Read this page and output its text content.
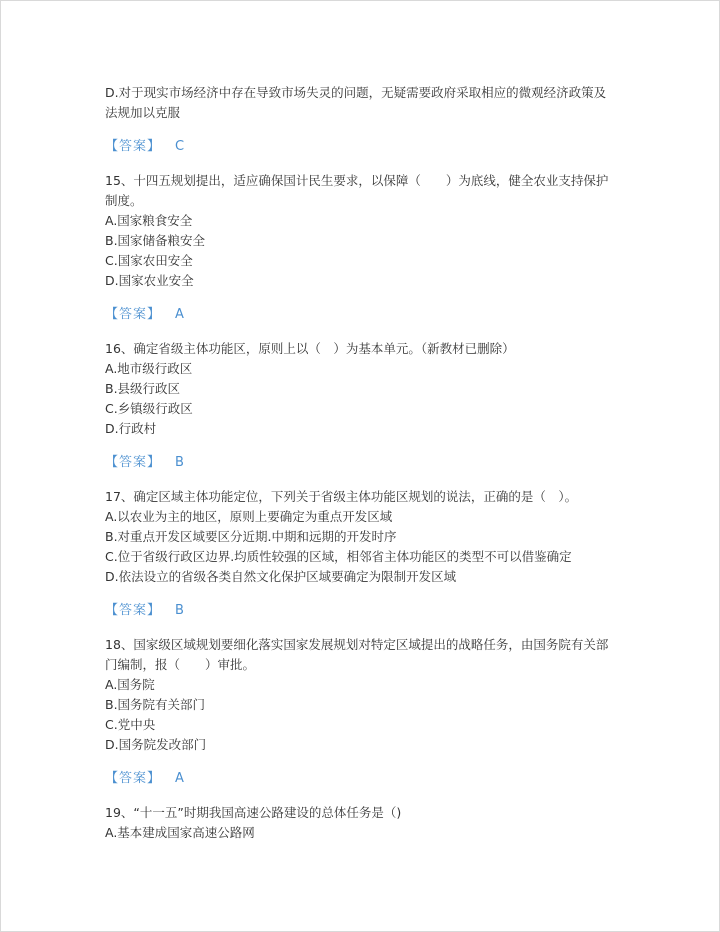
D.对于现实市场经济中存在导致市场失灵的问题，无疑需要政府采取相应的微观经济政策及法规加以克服

【答案】 C

15、十四五规划提出，适应确保国计民生要求，以保障（　　）为底线，健全农业支持保护制度。

A.国家粮食安全

B.国家储备粮安全

C.国家农田安全

D.国家农业安全

【答案】 A

16、确定省级主体功能区，原则上以（　）为基本单元。（新教材已删除）

A.地市级行政区

B.县级行政区

C.乡镇级行政区

D.行政村

【答案】 B

17、确定区域主体功能定位，下列关于省级主体功能区规划的说法，正确的是（　）。

A.以农业为主的地区，原则上要确定为重点开发区域

B.对重点开发区域要区分近期.中期和远期的开发时序

C.位于省级行政区边界.均质性较强的区域，相邻省主体功能区的类型不可以借鉴确定

D.依法设立的省级各类自然文化保护区域要确定为限制开发区域

【答案】 B

18、国家级区域规划要细化落实国家发展规划对特定区域提出的战略任务，由国务院有关部门编制，报（　　）审批。

A.国务院

B.国务院有关部门

C.党中央

D.国务院发改部门

【答案】 A

19、“十一五”时期我国高速公路建设的总体任务是（)

A.基本建成国家高速公路网
